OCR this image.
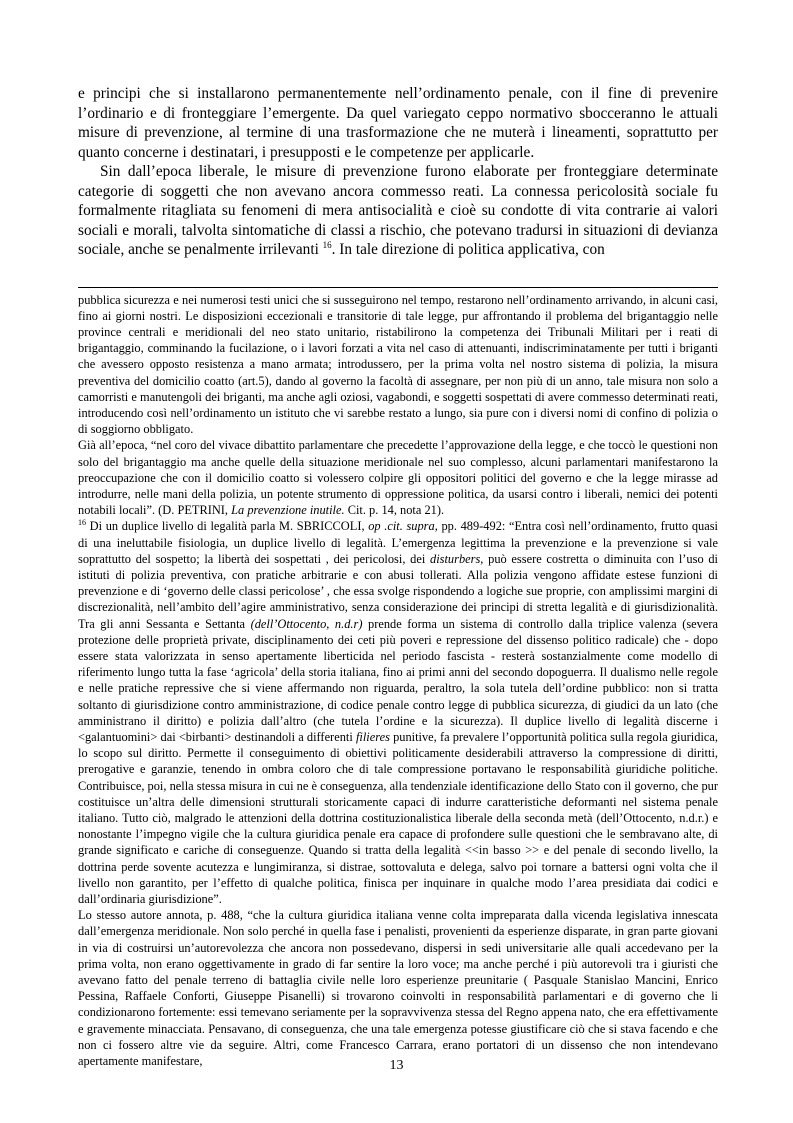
e principi che si installarono permanentemente nell’ordinamento penale, con il fine di prevenire l’ordinario e di fronteggiare l’emergente. Da quel variegato ceppo normativo sbocceranno le attuali misure di prevenzione, al termine di una trasformazione che ne muterà i lineamenti, soprattutto per quanto concerne i destinatari, i presupposti e le competenze per applicarle.

Sin dall’epoca liberale, le misure di prevenzione furono elaborate per fronteggiare determinate categorie di soggetti che non avevano ancora commesso reati. La connessa pericolosità sociale fu formalmente ritagliata su fenomeni di mera antisocialità e cioè su condotte di vita contrarie ai valori sociali e morali, talvolta sintomatiche di classi a rischio, che potevano tradursi in situazioni di devianza sociale, anche se penalmente irrilevanti $^{16}$. In tale direzione di politica applicativa, con

pubblica sicurezza e nei numerosi testi unici che si susseguirono nel tempo, restarono nell’ordinamento arrivando, in alcuni casi, fino ai giorni nostri. Le disposizioni eccezionali e transitorie di tale legge, pur affrontando il problema del brigantaggio nelle province centrali e meridionali del neo stato unitario, ristabilirono la competenza dei Tribunali Militari per i reati di brigantaggio, comminando la fucilazione, o i lavori forzati a vita nel caso di attenuanti, indiscriminatamente per tutti i briganti che avessero opposto resistenza a mano armata; introdussero, per la prima volta nel nostro sistema di polizia, la misura preventiva del domicilio coatto (art.5), dando al governo la facoltà di assegnare, per non più di un anno, tale misura non solo a camorristi e manutengoli dei briganti, ma anche agli oziosi, vagabondi, e soggetti sospettati di avere commesso determinati reati, introducendo così nell’ordinamento un istituto che vi sarebbe restato a lungo, sia pure con i diversi nomi di confino di polizia o di soggiorno obbligato.

Già all’epoca, “nel coro del vivace dibattito parlamentare che precedette l’approvazione della legge, e che toccò le questioni non solo del brigantaggio ma anche quelle della situazione meridionale nel suo complesso, alcuni parlamentari manifestarono la preoccupazione che con il domicilio coatto si volessero colpire gli oppositori politici del governo e che la legge mirasse ad introdurre, nelle mani della polizia, un potente strumento di oppressione politica, da usarsi contro i liberali, nemici dei potenti notabili locali”. (D. PETRINI, La prevenzione inutile. Cit. p. 14, nota 21).

$^{16}$ Di un duplice livello di legalità parla M. SBRICCOLI, op .cit. supra, pp. 489-492: “Entra così nell’ordinamento, frutto quasi di una ineluttabile fisiologia, un duplice livello di legalità. L’emergenza legittima la prevenzione e la prevenzione si vale soprattutto del sospetto; la libertà dei sospettati , dei pericolosi, dei disturbers, può essere costretta o diminuita con l’uso di istituti di polizia preventiva, con pratiche arbitrarie e con abusi tollerati. Alla polizia vengono affidate estese funzioni di prevenzione e di ‘governo delle classi pericolose’ , che essa svolge rispondendo a logiche sue proprie, con amplissimi margini di discrezionalità, nell’ambito dell’agire amministrativo, senza considerazione dei principi di stretta legalità e di giurisdizionalità. Tra gli anni Sessanta e Settanta (dell’Ottocento, n.d.r) prende forma un sistema di controllo dalla triplice valenza (severa protezione delle proprietà private, disciplinamento dei ceti più poveri e repressione del dissenso politico radicale) che - dopo essere stata valorizzata in senso apertamente liberticida nel periodo fascista - resterà sostanzialmente come modello di riferimento lungo tutta la fase ‘agricola’ della storia italiana, fino ai primi anni del secondo dopoguerra. Il dualismo nelle regole e nelle pratiche repressive che si viene affermando non riguarda, peraltro, la sola tutela dell’ordine pubblico: non si tratta soltanto di giurisdizione contro amministrazione, di codice penale contro legge di pubblica sicurezza, di giudici da un lato (che amministrano il diritto) e polizia dall’altro (che tutela l’ordine e la sicurezza). Il duplice livello di legalità discerne i <galantuomini> dai <birbanti> destinandoli a differenti filieres punitive, fa prevalere l’opportunità politica sulla regola giuridica, lo scopo sul diritto. Permette il conseguimento di obiettivi politicamente desiderabili attraverso la compressione di diritti, prerogative e garanzie, tenendo in ombra coloro che di tale compressione portavano le responsabilità giuridiche politiche. Contribuisce, poi, nella stessa misura in cui ne è conseguenza, alla tendenziale identificazione dello Stato con il governo, che pur costituisce un’altra delle dimensioni strutturali storicamente capaci di indurre caratteristiche deformanti nel sistema penale italiano. Tutto ciò, malgrado le attenzioni della dottrina costituzionalistica liberale della seconda metà (dell’Ottocento, n.d.r.) e nonostante l’impegno vigile che la cultura giuridica penale era capace di profondere sulle questioni che le sembravano alte, di grande significato e cariche di conseguenze. Quando si tratta della legalità <<in basso >> e del penale di secondo livello, la dottrina perde sovente acutezza e lungimiranza, si distrae, sottovaluta e delega, salvo poi tornare a battersi ogni volta che il livello non garantito, per l’effetto di qualche politica, finisca per inquinare in qualche modo l’area presidiata dai codici e dall’ordinaria giurisdizione”.

Lo stesso autore annota, p. 488, “che la cultura giuridica italiana venne colta impreparata dalla vicenda legislativa innescata dall’emergenza meridionale. Non solo perché in quella fase i penalisti, provenienti da esperienze disparate, in gran parte giovani in via di costruirsi un’autorevolezza che ancora non possedevano, dispersi in sedi universitarie alle quali accedevano per la prima volta, non erano oggettivamente in grado di far sentire la loro voce; ma anche perché i più autorevoli tra i giuristi che avevano fatto del penale terreno di battaglia civile nelle loro esperienze preunitarie ( Pasquale Stanislao Mancini, Enrico Pessina, Raffaele Conforti, Giuseppe Pisanelli) si trovarono coinvolti in responsabilità parlamentari e di governo che li condizionarono fortemente: essi temevano seriamente per la sopravvivenza stessa del Regno appena nato, che era effettivamente e gravemente minacciata. Pensavano, di conseguenza, che una tale emergenza potesse giustificare ciò che si stava facendo e che non ci fossero altre vie da seguire. Altri, come Francesco Carrara, erano portatori di un dissenso che non intendevano apertamente manifestare,	13
